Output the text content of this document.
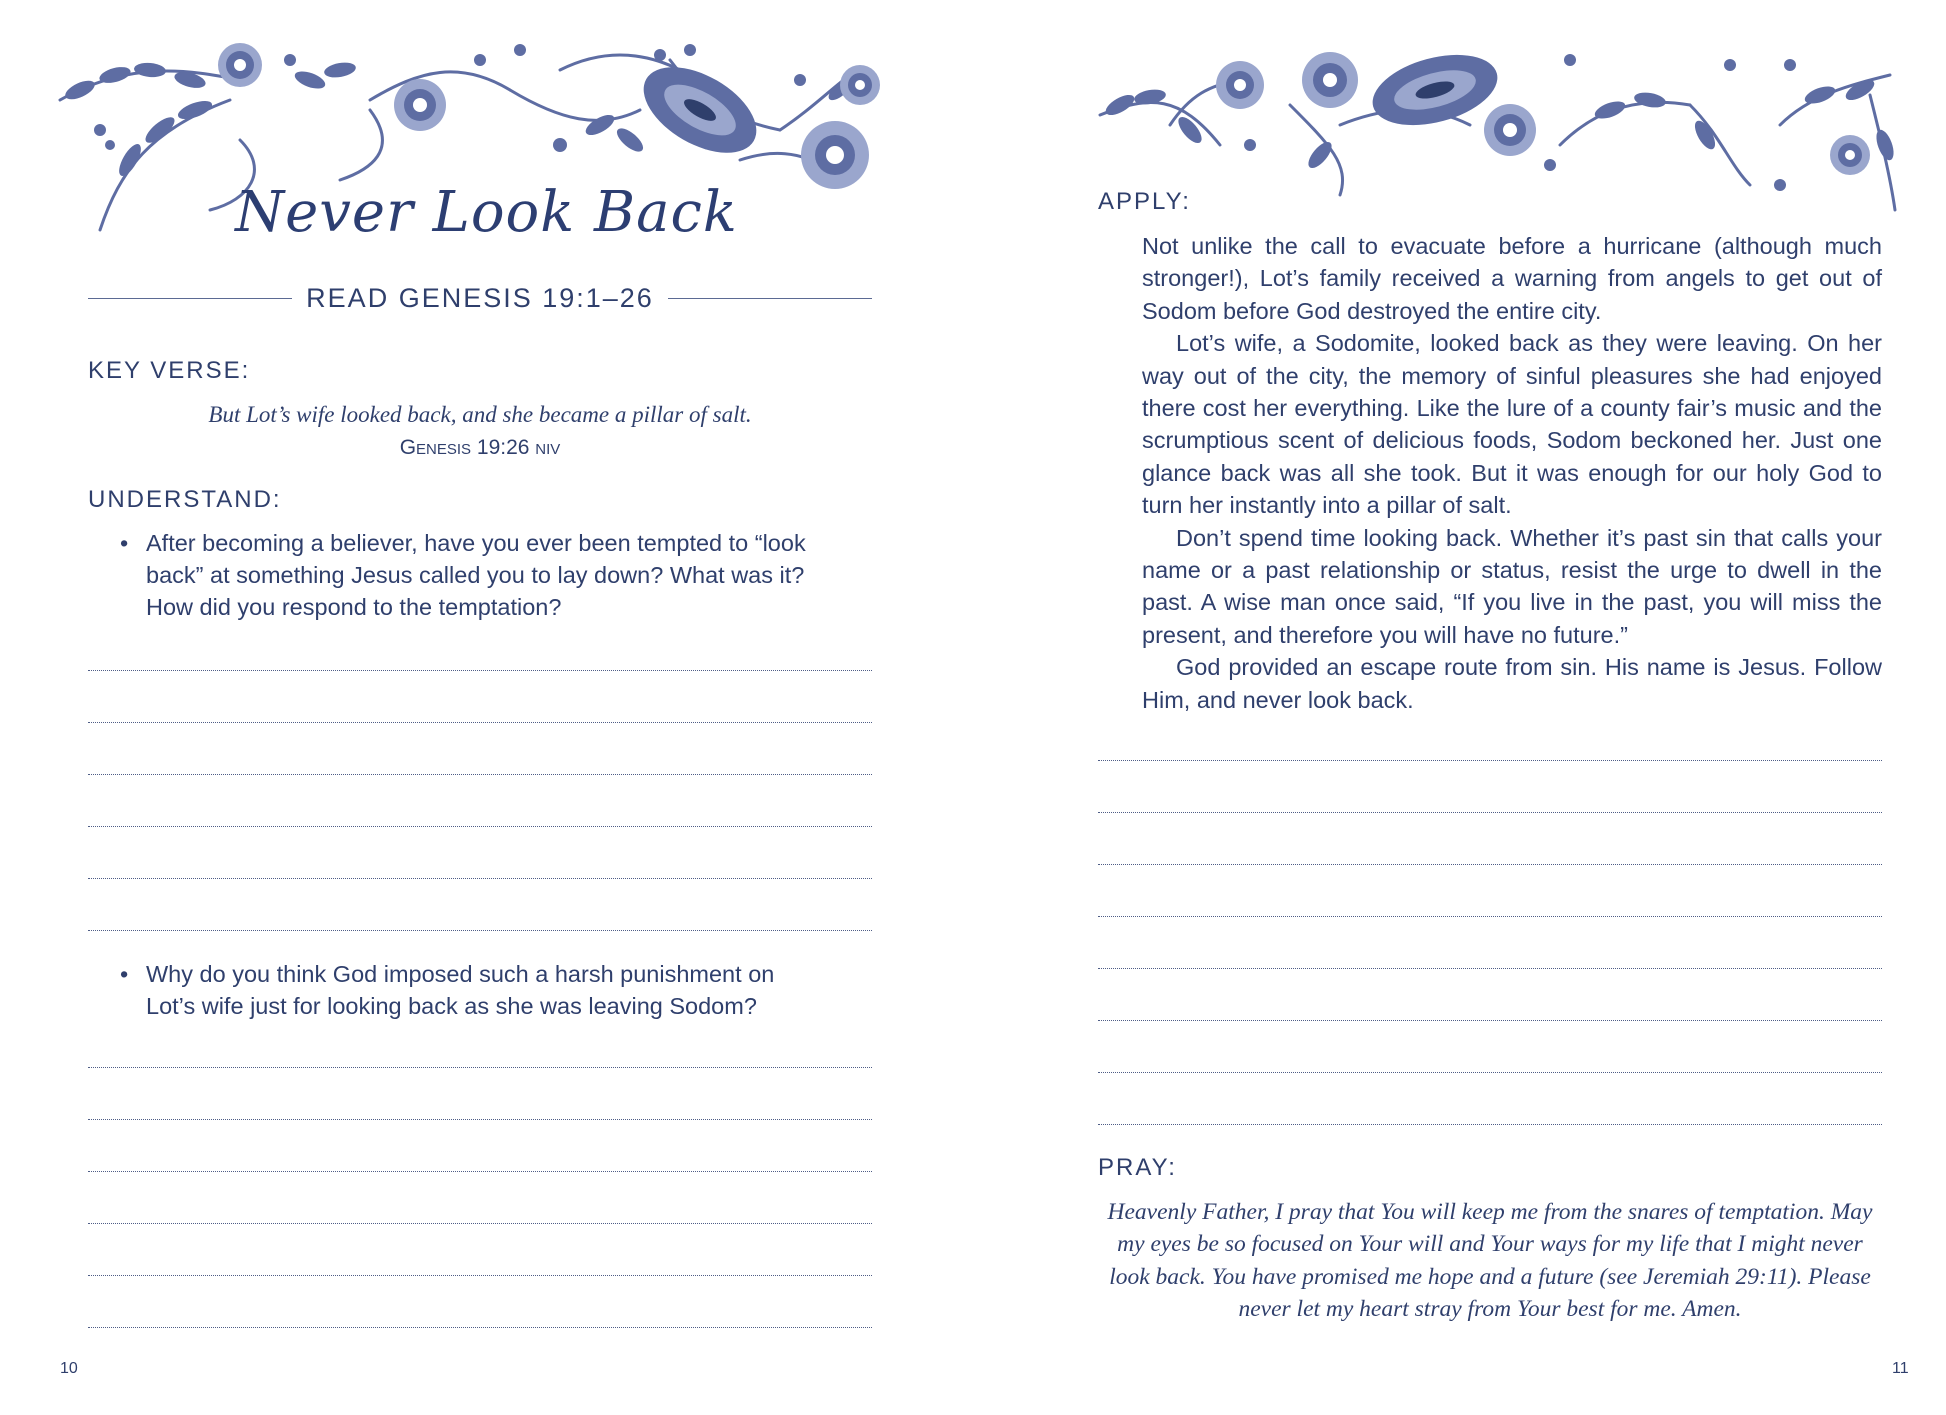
Never Look Back
READ GENESIS 19:1–26
KEY VERSE:
But Lot’s wife looked back, and she became a pillar of salt.
Genesis 19:26 niv
UNDERSTAND:
• After becoming a believer, have you ever been tempted to “look back” at something Jesus called you to lay down? What was it? How did you respond to the temptation?
• Why do you think God imposed such a harsh punishment on Lot’s wife just for looking back as she was leaving Sodom?
10
APPLY:

Not unlike the call to evacuate before a hurricane (although much stronger!), Lot’s family received a warning from angels to get out of Sodom before God destroyed the entire city.

Lot’s wife, a Sodomite, looked back as they were leaving. On her way out of the city, the memory of sinful pleasures she had enjoyed there cost her everything. Like the lure of a county fair’s music and the scrumptious scent of delicious foods, Sodom beckoned her. Just one glance back was all she took. But it was enough for our holy God to turn her instantly into a pillar of salt.

Don’t spend time looking back. Whether it’s past sin that calls your name or a past relationship or status, resist the urge to dwell in the past. A wise man once said, “If you live in the past, you will miss the present, and therefore you will have no future.”

God provided an escape route from sin. His name is Jesus. Follow Him, and never look back.

PRAY:
Heavenly Father, I pray that You will keep me from the snares of temptation. May my eyes be so focused on Your will and Your ways for my life that I might never look back. You have promised me hope and a future (see Jeremiah 29:11). Please never let my heart stray from Your best for me. Amen.
11
